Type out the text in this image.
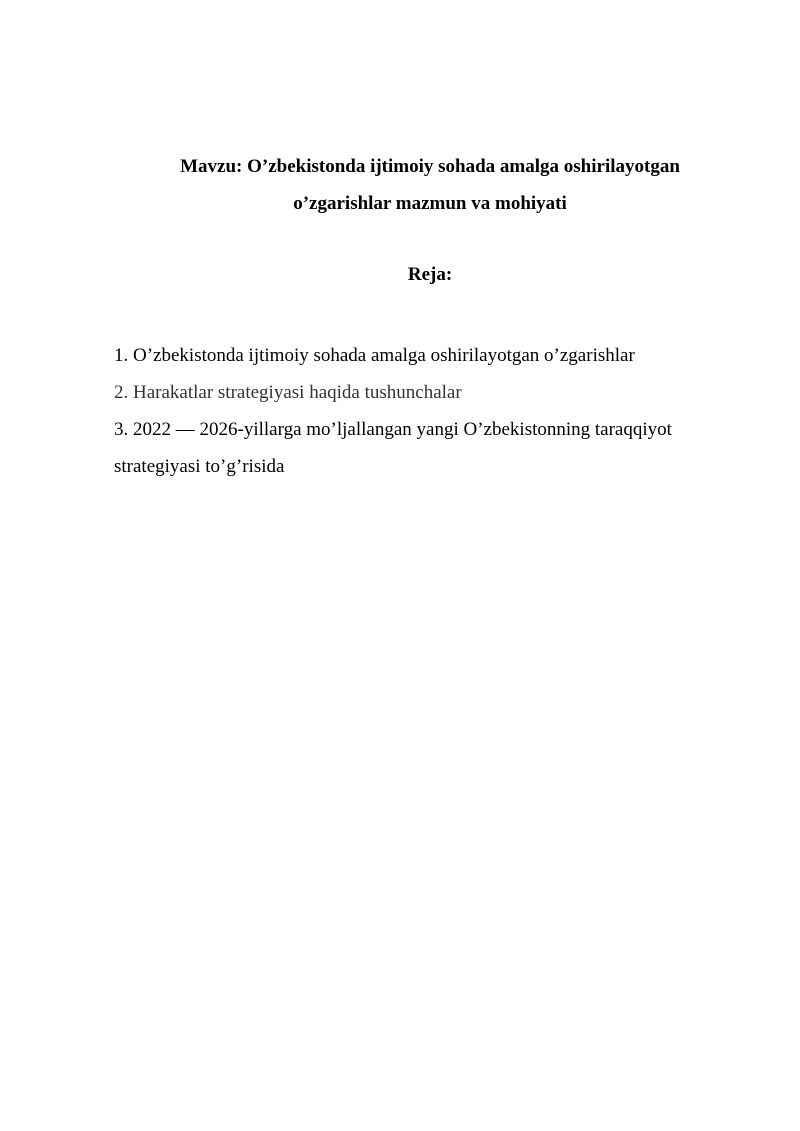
Mavzu: O’zbekistonda ijtimoiy sohada amalga oshirilayotgan
o’zgarishlar mazmun va mohiyati
Reja:
1. O’zbekistonda ijtimoiy sohada amalga oshirilayotgan o’zgarishlar
2. Harakatlar strategiyasi haqida tushunchalar
3. 2022 — 2026-yillarga mo’ljallangan yangi O’zbekistonning taraqqiyot
strategiyasi to’g’risida
